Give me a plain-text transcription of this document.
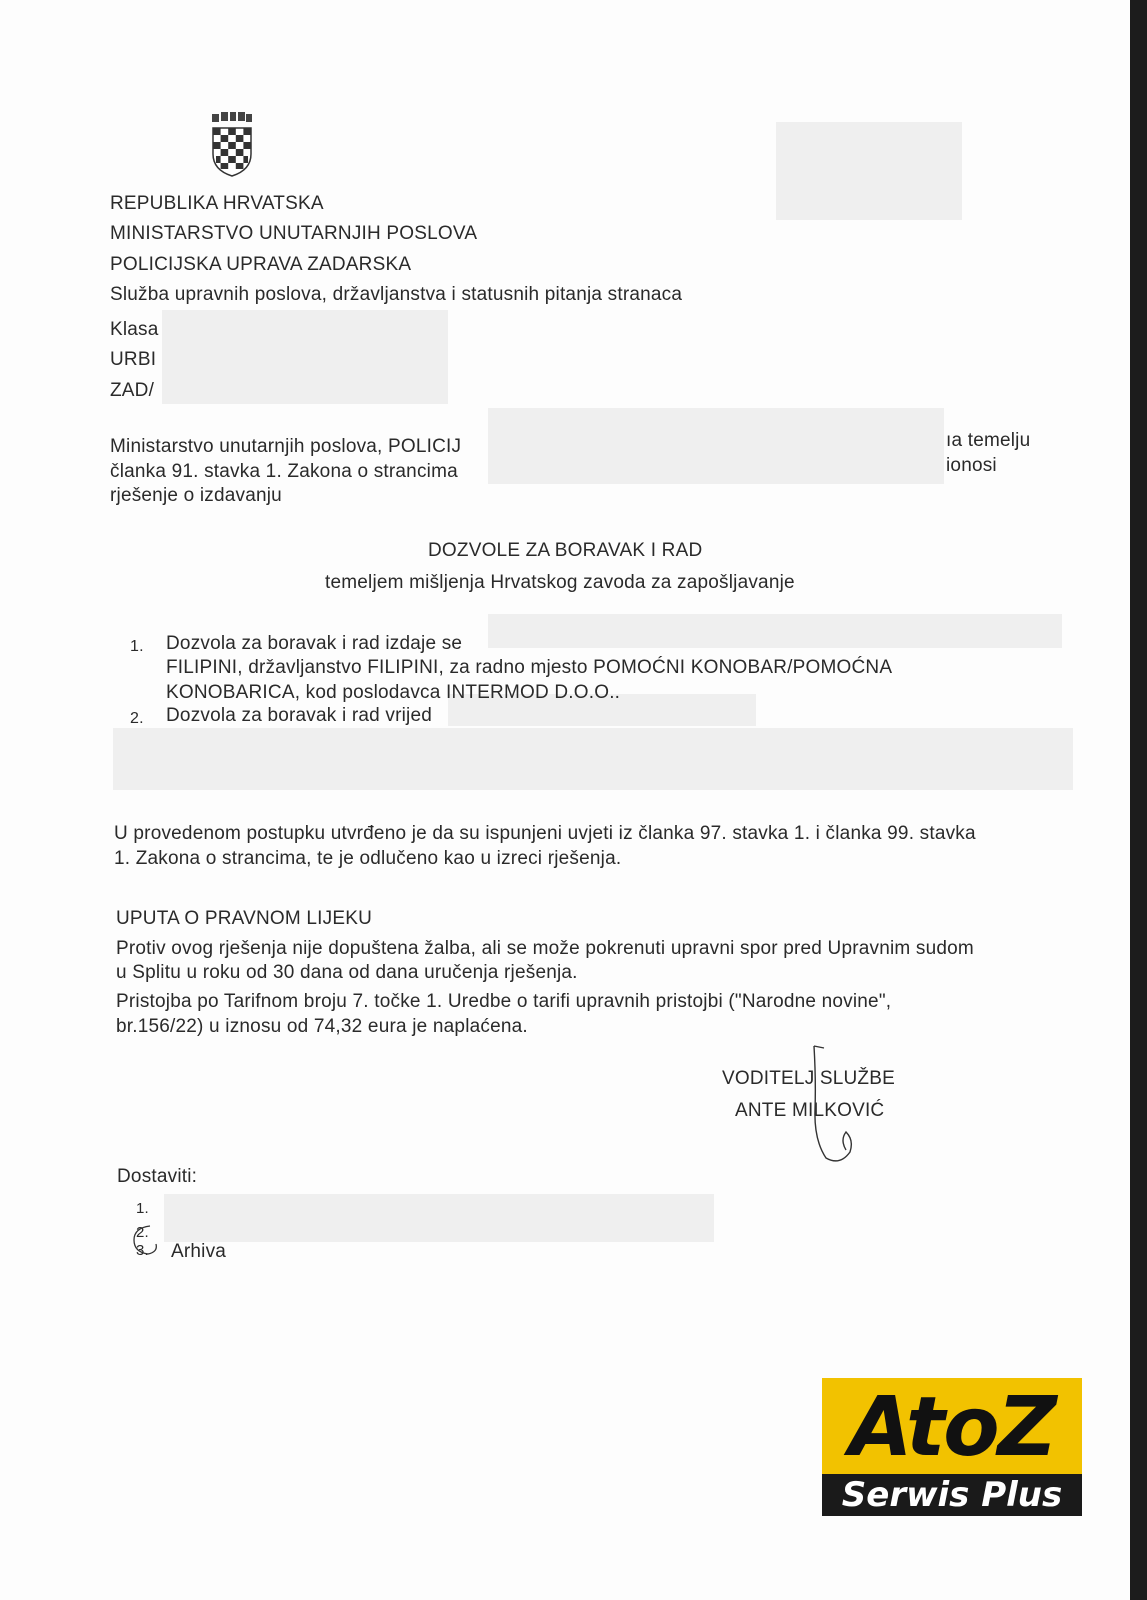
REPUBLIKA HRVATSKA
MINISTARSTVO UNUTARNJIH POSLOVA
POLICIJSKA UPRAVA ZADARSKA
Služba upravnih poslova, državljanstva i statusnih pitanja stranaca
Klasa
URBI
ZAD/
Ministarstvo unutarnjih poslova, POLICIJ	ıa temelju
članka 91. stavka 1. Zakona o strancima	ionosi
rješenje o izdavanju
DOZVOLE ZA BORAVAK I RAD
temeljem mišljenja Hrvatskog zavoda za zapošljavanje
1. Dozvola za boravak i rad izdaje se
FILIPINI, državljanstvo FILIPINI, za radno mjesto POMOĆNI KONOBAR/POMOĆNA
KONOBARICA, kod poslodavca INTERMOD D.O.O..
2. Dozvola za boravak i rad vrijed
U provedenom postupku utvrđeno je da su ispunjeni uvjeti iz članka 97. stavka 1. i članka 99. stavka
1. Zakona o strancima, te je odlučeno kao u izreci rješenja.
UPUTA O PRAVNOM LIJEKU
Protiv ovog rješenja nije dopuštena žalba, ali se može pokrenuti upravni spor pred Upravnim sudom
u Splitu u roku od 30 dana od dana uručenja rješenja.
Pristojba po Tarifnom broju 7. točke 1. Uredbe o tarifi upravnih pristojbi ("Narodne novine",
br.156/22) u iznosu od 74,32 eura je naplaćena.
VODITELJ SLUŽBE
ANTE MILKOVIĆ
Dostaviti:
1.
2.
3. Arhiva
AtoZ
Serwis Plus
